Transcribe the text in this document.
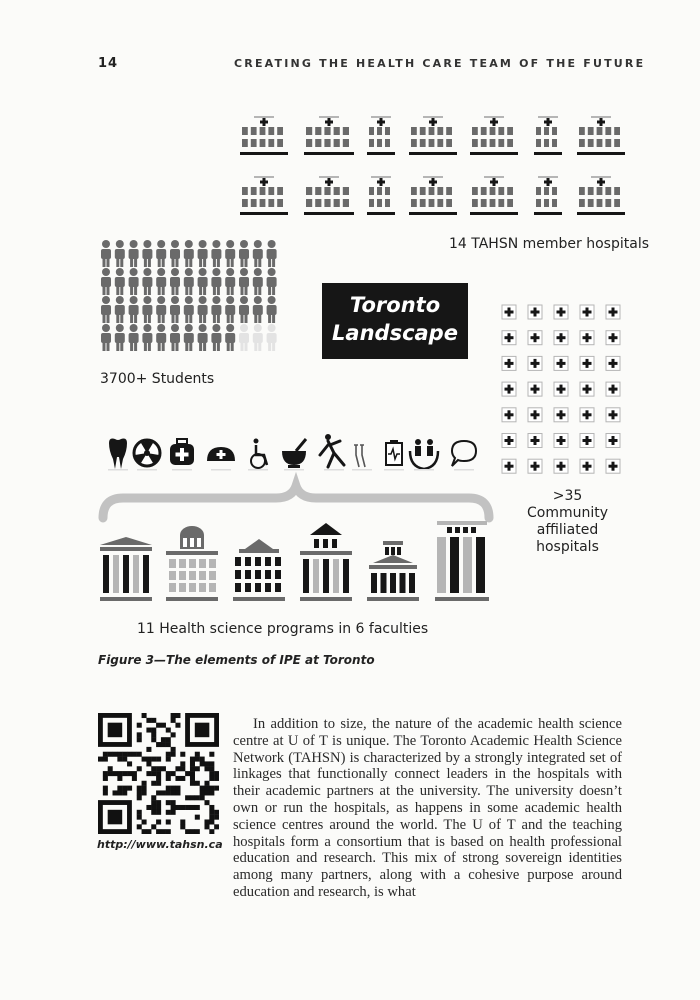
14	CREATING THE HEALTH CARE TEAM OF THE FUTURE
14 TAHSN member hospitals
3700+ Students
Toronto
Landscape
>35 Community
affiliated hospitals
11 Health science programs in 6 faculties
Figure 3—The elements of IPE at Toronto
http://www.tahsn.ca

In addition to size, the nature of the academic health science centre at U of T is unique. The Toronto Academic Health Science Network (TAHSN) is characterized by a strongly integrated set of linkages that functionally connect leaders in the hospitals with their academic partners at the university. The university doesn’t own or run the hospitals, as happens in some academic health science centres around the world. The U of T and the teaching hospitals form a consortium that is based on health professional education and research. This mix of strong sovereign identities among many partners, along with a cohesive purpose around education and research, is what
